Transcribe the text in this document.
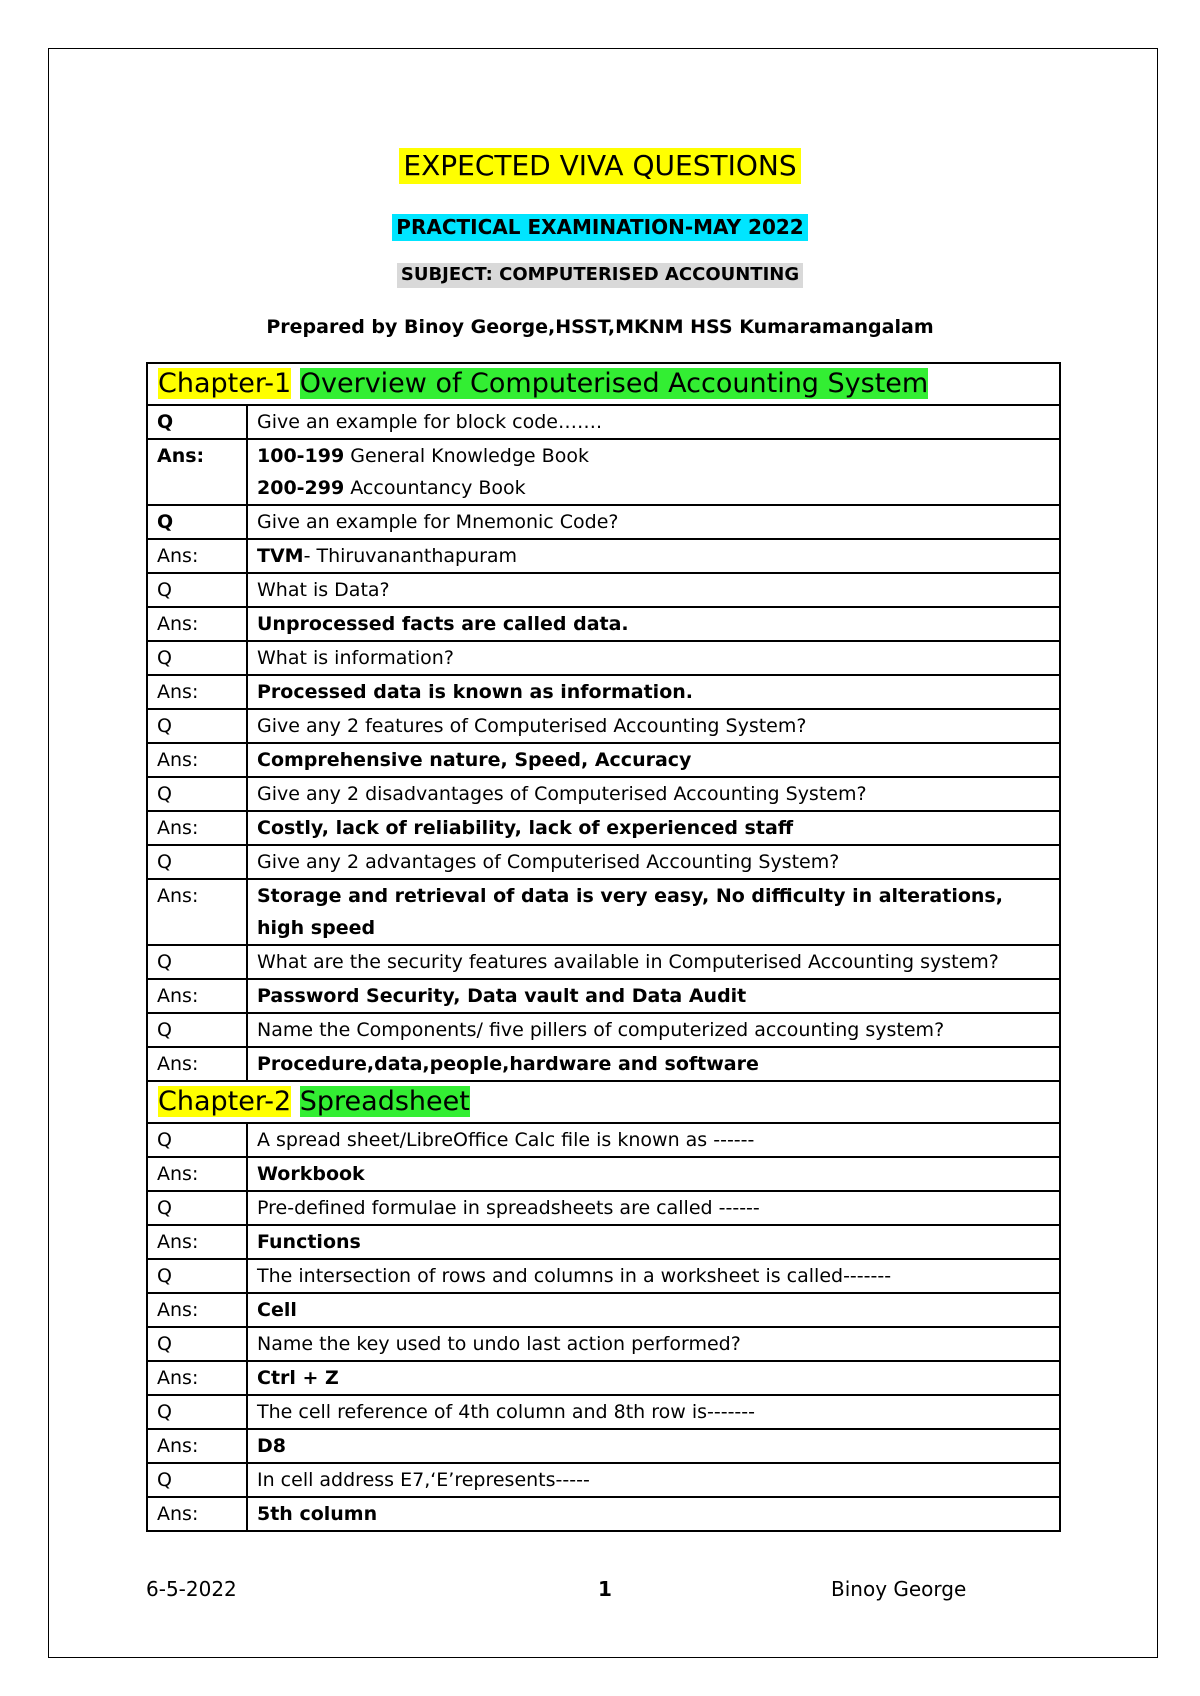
EXPECTED VIVA QUESTIONS
PRACTICAL EXAMINATION-MAY 2022
SUBJECT: COMPUTERISED ACCOUNTING
Prepared by Binoy George,HSST,MKNM HSS Kumaramangalam
Chapter-1 Overview of Computerised Accounting System	
Q	Give an example for block code…….
Ans:	100-199 General Knowledge Book
200-299 Accountancy Book

Q	Give an example for Mnemonic Code?
Ans:	TVM- Thiruvananthapuram
Q	What is Data?
Ans:	Unprocessed facts are called data.
Q	What is information?
Ans:	Processed data is known as information.
Q	Give any 2 features of Computerised Accounting System?
Ans:	Comprehensive nature, Speed, Accuracy
Q	Give any 2 disadvantages of Computerised Accounting System?
Ans:	Costly, lack of reliability, lack of experienced staff
Q	Give any 2 advantages of Computerised Accounting System?
Ans:	Storage and retrieval of data is very easy, No difficulty in alterations, high speed
Q	What are the security features available in Computerised Accounting system?
Ans:	Password Security, Data vault and Data Audit
Q	Name the Components/ five pillers of computerized accounting system?
Ans:	Procedure,data,people,hardware and software
Chapter-2 Spreadsheet	
Q	A spread sheet/LibreOffice Calc file is known as ------
Ans:	Workbook
Q	Pre-defined formulae in spreadsheets are called ------
Ans:	Functions
Q	The intersection of rows and columns in a worksheet is called-------
Ans:	Cell
Q	Name the key used to undo last action performed?
Ans:	Ctrl + Z
Q	The cell reference of 4th column and 8th row is-------
Ans:	D8
Q	In cell address E7,‘E’represents-----
Ans:	5th column
6-5-2022	1	Binoy George
